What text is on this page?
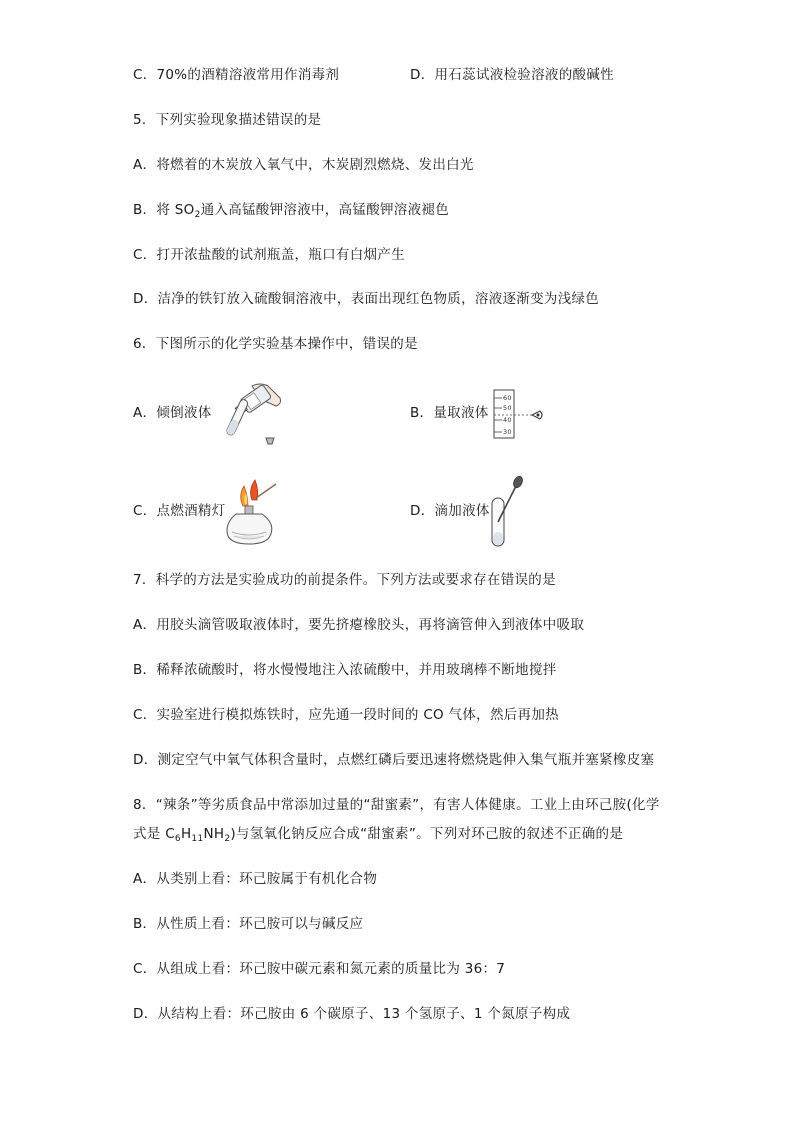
C．70%的酒精溶液常用作消毒剂	D．用石蕊试液检验溶液的酸碱性
5．下列实验现象描述错误的是
A．将燃着的木炭放入氧气中，木炭剧烈燃烧、发出白光
B．将 $SO_2$通入高锰酸钾溶液中，高锰酸钾溶液褪色
C．打开浓盐酸的试剂瓶盖，瓶口有白烟产生
D．洁净的铁钉放入硫酸铜溶液中，表面出现红色物质，溶液逐渐变为浅绿色
6．下图所示的化学实验基本操作中，错误的是
A．倾倒液体	B．量取液体
60
50
40
30
C．点燃酒精灯	D．滴加液体
7．科学的方法是实验成功的前提条件。下列方法或要求存在错误的是
A．用胶头滴管吸取液体时，要先挤瘪橡胶头，再将滴管伸入到液体中吸取
B．稀释浓硫酸时，将水慢慢地注入浓硫酸中，并用玻璃棒不断地搅拌
C．实验室进行模拟炼铁时，应先通一段时间的 CO 气体，然后再加热
D．测定空气中氧气体积含量时，点燃红磷后要迅速将燃烧匙伸入集气瓶并塞紧橡皮塞
8．“辣条”等劣质食品中常添加过量的“甜蜜素”，有害人体健康。工业上由环己胺(化学
式是 $C_6H_{11}NH_2$)与氢氧化钠反应合成“甜蜜素”。下列对环己胺的叙述不正确的是
A．从类别上看：环己胺属于有机化合物
B．从性质上看：环己胺可以与碱反应
C．从组成上看：环己胺中碳元素和氮元素的质量比为 36：7
D．从结构上看：环己胺由 6 个碳原子、13 个氢原子、1 个氮原子构成
